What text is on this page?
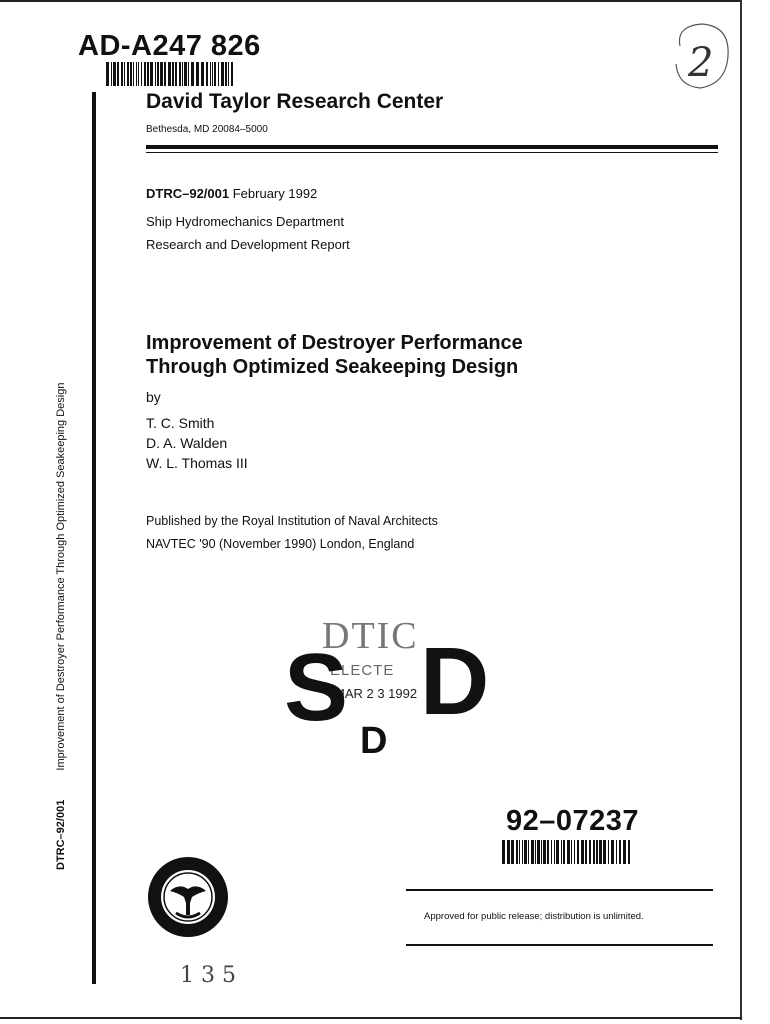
AD-A247 826
David Taylor Research Center
Bethesda, MD 20084–5000
DTRC–92/001 February 1992
Ship Hydromechanics Department
Research and Development Report
Improvement of Destroyer Performance
Through Optimized Seakeeping Design
by
T. C. Smith
D. A. Walden
W. L. Thomas III
Published by the Royal Institution of Naval Architects
NAVTEC '90 (November 1990) London, England
DTRC–92/001 Improvement of Destroyer Performance Through Optimized Seakeeping Design	DTIC
ELECTE
MAR 2 3 1992
S D
D
92–07237
Approved for public release; distribution is unlimited.
2
1 3 5
